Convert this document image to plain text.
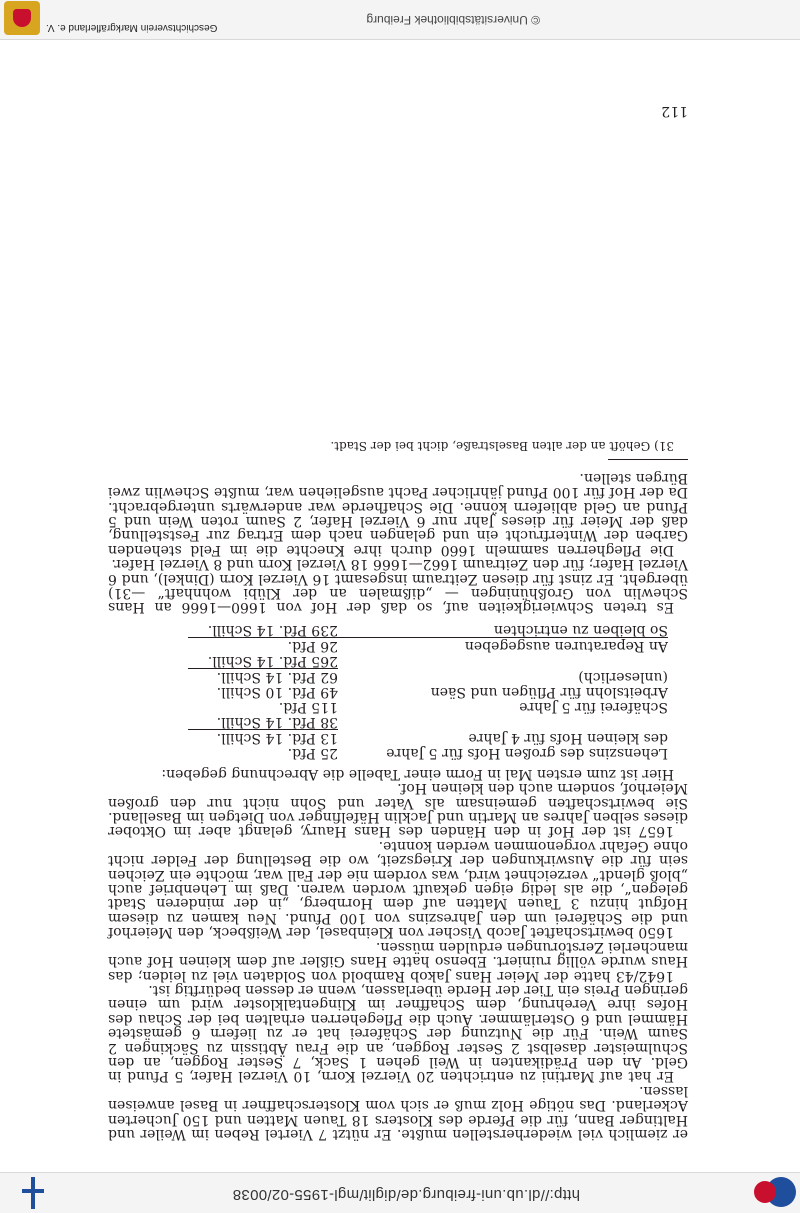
http://dl.ub.uni-freiburg.de/diglit/mgl-1955-02/0038

er ziemlich viel wiederherstellen mußte. Er nützt 7 Viertel Reben im Weiler und Haltinger Bann, für die Pferde des Klosters 18 Tauen Matten und 150 Jucherten Ackerland. Das nötige Holz muß er sich vom Klosterschaffner in Basel anweisen lassen.

Er hat auf Martini zu entrichten 20 Vierzel Korn, 10 Vierzel Hafer, 5 Pfund in Geld. An den Prädikanten in Weil gehen 1 Sack, 7 Sester Roggen, an den Schulmeister daselbst 2 Sester Roggen, an die Frau Äbtissin zu Säckingen 2 Saum Wein. Für die Nutzung der Schäferei hat er zu liefern 6 gemästete Hämmel und 6 Osterlämmer. Auch die Pflegeherren erhalten bei der Schau des Hofes ihre Verehrung, dem Schaffner im Klingentalkloster wird um einen geringen Preis ein Tier der Herde überlassen, wenn er dessen bedürftig ist.

1642/43 hatte der Meier Hans Jakob Rambold von Soldaten viel zu leiden; das Haus wurde völlig ruiniert. Ebenso hatte Hans Gißler auf dem kleinen Hof auch mancherlei Zerstörungen erdulden müssen.

1650 bewirtschaftet Jacob Vischer von Kleinbasel, der Weißbeck, den Meierhof und die Schäferei um den Jahreszins von 100 Pfund. Neu kamen zu diesem Hofgut hinzu 3 Tauen Matten auf dem Hornberg, „in der minderen Stadt gelegen“, die als ledig eigen gekauft worden waren. Daß im Lehenbrief auch „bloß glendt“ verzeichnet wird, was vordem nie der Fall war, möchte ein Zeichen sein für die Auswirkungen der Kriegszeit, wo die Bestellung der Felder nicht ohne Gefahr vorgenommen werden konnte.

1657 ist der Hof in den Händen des Hans Haury, gelangt aber im Oktober dieses selben Jahres an Martin und Jacklin Häfelfinger von Dietgen im Baselland. Sie bewirtschaften gemeinsam als Vater und Sohn nicht nur den großen Meierhof, sondern auch den kleinen Hof.

Hier ist zum ersten Mal in Form einer Tabelle die Abrechnung gegeben:

Lehenszins des großen Hofs für 5 Jahre
25 Pfd.
des kleinen Hofs für 4 Jahre
13 Pfd. 14 Schill.
38 Pfd. 14 Schill.
Schäferei für 5 Jahre
115 Pfd.
Arbeitslohn für Pflügen und Säen
49 Pfd. 10 Schill.
(unleserlich)
62 Pfd. 14 Schill.
265 Pfd. 14 Schill.
An Reparaturen ausgegeben
26 Pfd.
So bleiben zu entrichten
239 Pfd. 14 Schill.

Es treten Schwierigkeiten auf, so daß der Hof von 1660—1666 an Hans Schewlin von Großhüningen — „dißmalen an der Klübi wohnhaft“ —31) übergeht. Er zinst für diesen Zeitraum insgesamt 16 Vierzel Korn (Dinkel), und 6 Vierzel Hafer; für den Zeitraum 1662—1666 18 Vierzel Korn und 8 Vierzel Hafer.

Die Pflegherren sammeln 1660 durch ihre Knechte die im Feld stehenden Garben der Winterfrucht ein und gelangen nach dem Ertrag zur Feststellung, daß der Meier für dieses Jahr nur 6 Vierzel Hafer, 2 Saum roten Wein und 5 Pfund an Geld abliefern könne. Die Schafherde war anderwärts untergebracht. Da der Hof für 100 Pfund jährlicher Pacht ausgeliehen war, mußte Schewlin zwei Bürgen stellen.

31) Gehöft an der alten Baselstraße, dicht bei der Stadt.

112
© Universitätsbibliothek Freiburg
Geschichtsverein Markgräflerland e. V.
